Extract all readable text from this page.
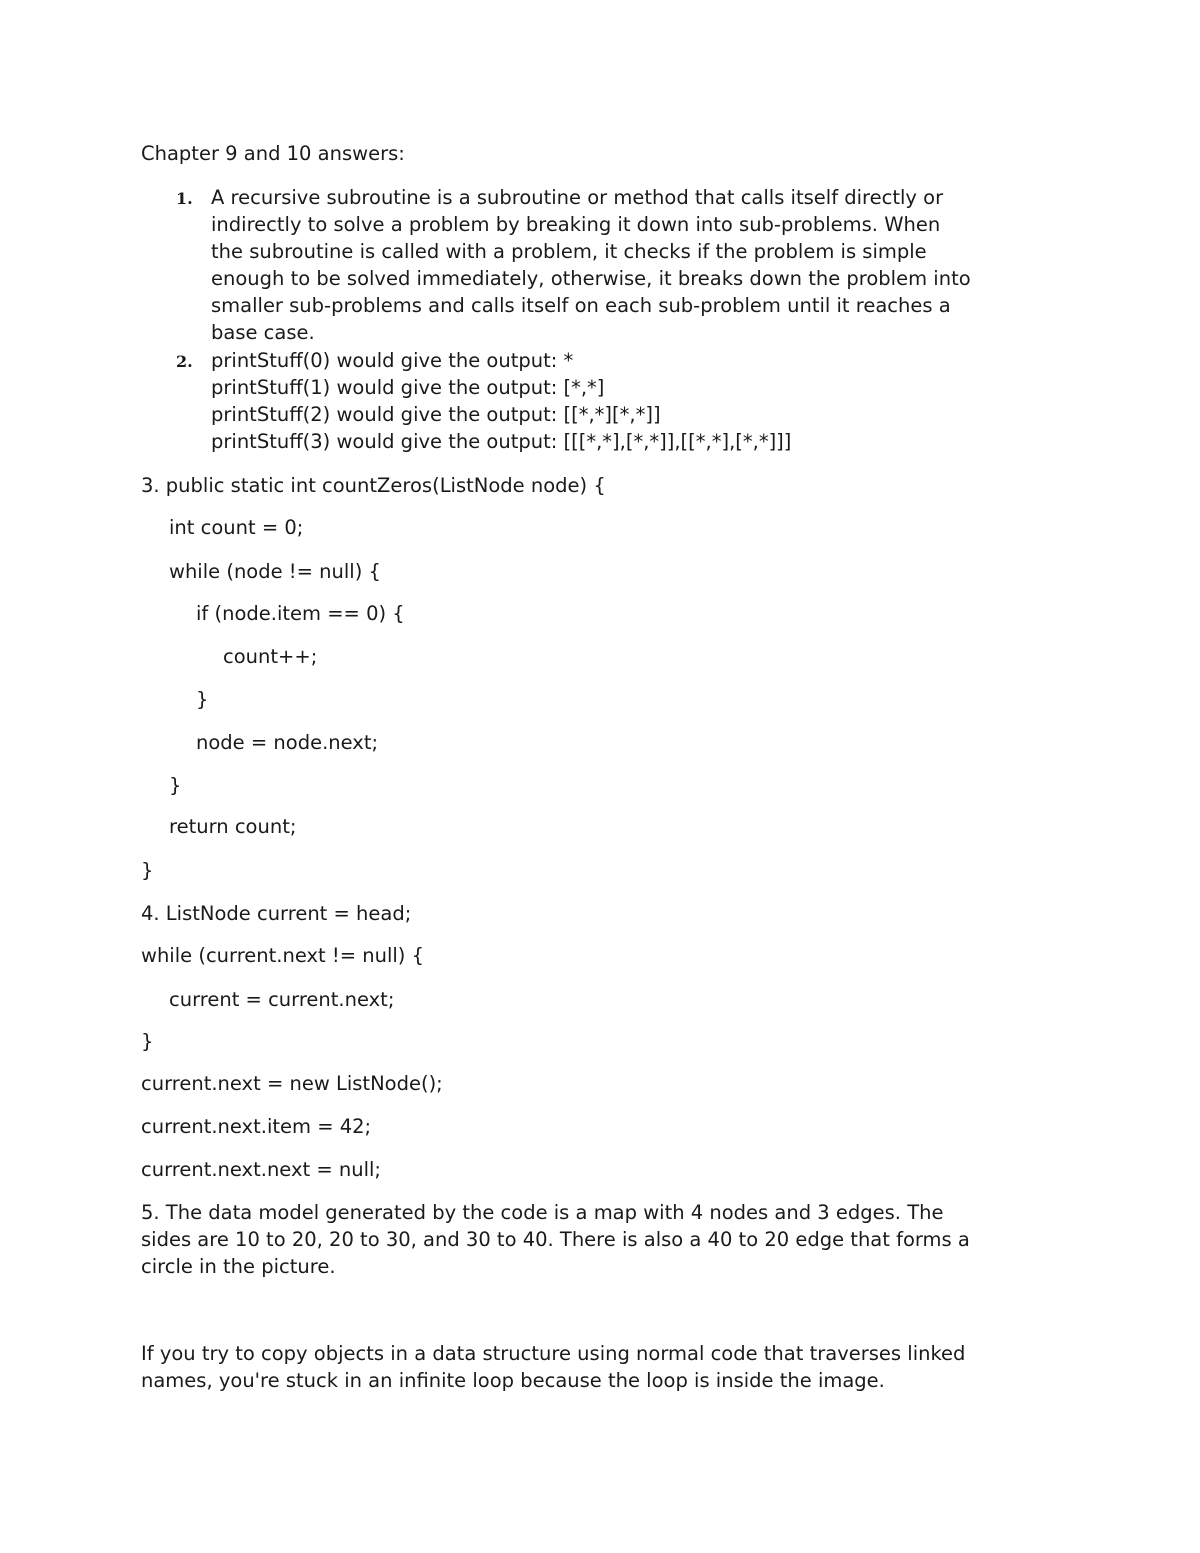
Chapter 9 and 10 answers:

1. A recursive subroutine is a subroutine or method that calls itself directly or
indirectly to solve a problem by breaking it down into sub-problems. When
the subroutine is called with a problem, it checks if the problem is simple
enough to be solved immediately, otherwise, it breaks down the problem into
smaller sub-problems and calls itself on each sub-problem until it reaches a
base case.
2. printStuff(0) would give the output: *
printStuff(1) would give the output: [*,*]
printStuff(2) would give the output: [[*,*][*,*]]
printStuff(3) would give the output: [[[*,*],[*,*]],[[*,*],[*,*]]]

3. public static int countZeros(ListNode node) {

int count = 0;

while (node != null) {

if (node.item == 0) {

count++;

}

node = node.next;

}

return count;

}

4. ListNode current = head;

while (current.next != null) {

current = current.next;

}

current.next = new ListNode();

current.next.item = 42;

current.next.next = null;

5. The data model generated by the code is a map with 4 nodes and 3 edges. The
sides are 10 to 20, 20 to 30, and 30 to 40. There is also a 40 to 20 edge that forms a
circle in the picture.
If you try to copy objects in a data structure using normal code that traverses linked
names, you're stuck in an infinite loop because the loop is inside the image.
